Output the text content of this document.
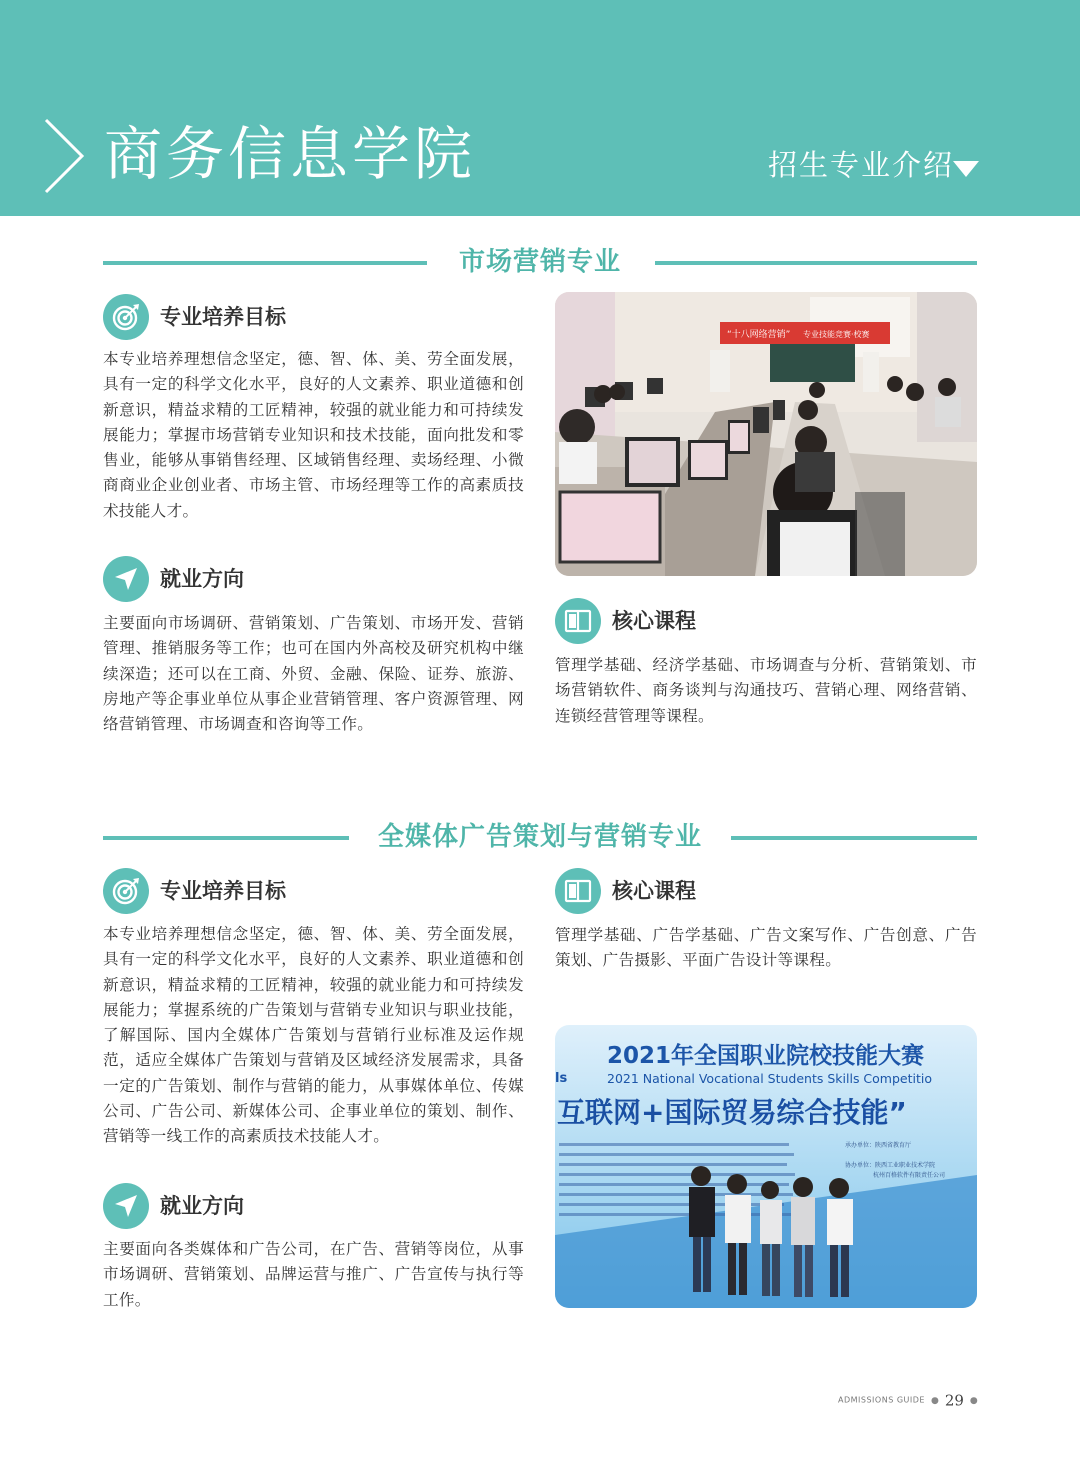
商务信息学院	招生专业介绍
市场营销专业
专业培养目标
本专业培养理想信念坚定，德、智、体、美、劳全面发展，具有一定的科学文化水平，良好的人文素养、职业道德和创新意识，精益求精的工匠精神，较强的就业能力和可持续发展能力；掌握市场营销专业知识和技术技能，面向批发和零售业，能够从事销售经理、区域销售经理、卖场经理、小微商商业企业创业者、市场主管、市场经理等工作的高素质技术技能人才。
就业方向
主要面向市场调研、营销策划、广告策划、市场开发、营销管理、推销服务等工作；也可在国内外高校及研究机构中继续深造；还可以在工商、外贸、金融、保险、证券、旅游、房地产等企事业单位从事企业营销管理、客户资源管理、网络营销管理、市场调查和咨询等工作。
“十八网络营销” 专业技能竞赛·校赛
核心课程
管理学基础、经济学基础、市场调查与分析、营销策划、市场营销软件、商务谈判与沟通技巧、营销心理、网络营销、连锁经营管理等课程。
全媒体广告策划与营销专业
专业培养目标
本专业培养理想信念坚定，德、智、体、美、劳全面发展，具有一定的科学文化水平，良好的人文素养、职业道德和创新意识，精益求精的工匠精神，较强的就业能力和可持续发展能力；掌握系统的广告策划与营销专业知识与职业技能，了解国际、国内全媒体广告策划与营销行业标准及运作规范，适应全媒体广告策划与营销及区域经济发展需求，具备一定的广告策划、制作与营销的能力，从事媒体单位、传媒公司、广告公司、新媒体公司、企事业单位的策划、制作、营销等一线工作的高素质技术技能人才。
就业方向
主要面向各类媒体和广告公司，在广告、营销等岗位，从事市场调研、营销策划、品牌运营与推广、广告宣传与执行等工作。
核心课程
管理学基础、广告学基础、广告文案写作、广告创意、广告策划、广告摄影、平面广告设计等课程。
2021年全国职业院校技能大赛
2021 National Vocational Students Skills Competitio
ls
互联网+国际贸易综合技能”
承办单位：陕西省教育厅
协办单位：陕西工业职业技术学院
杭州百格软件有限责任公司
ADMISSIONS GUIDE ● 29 ●
